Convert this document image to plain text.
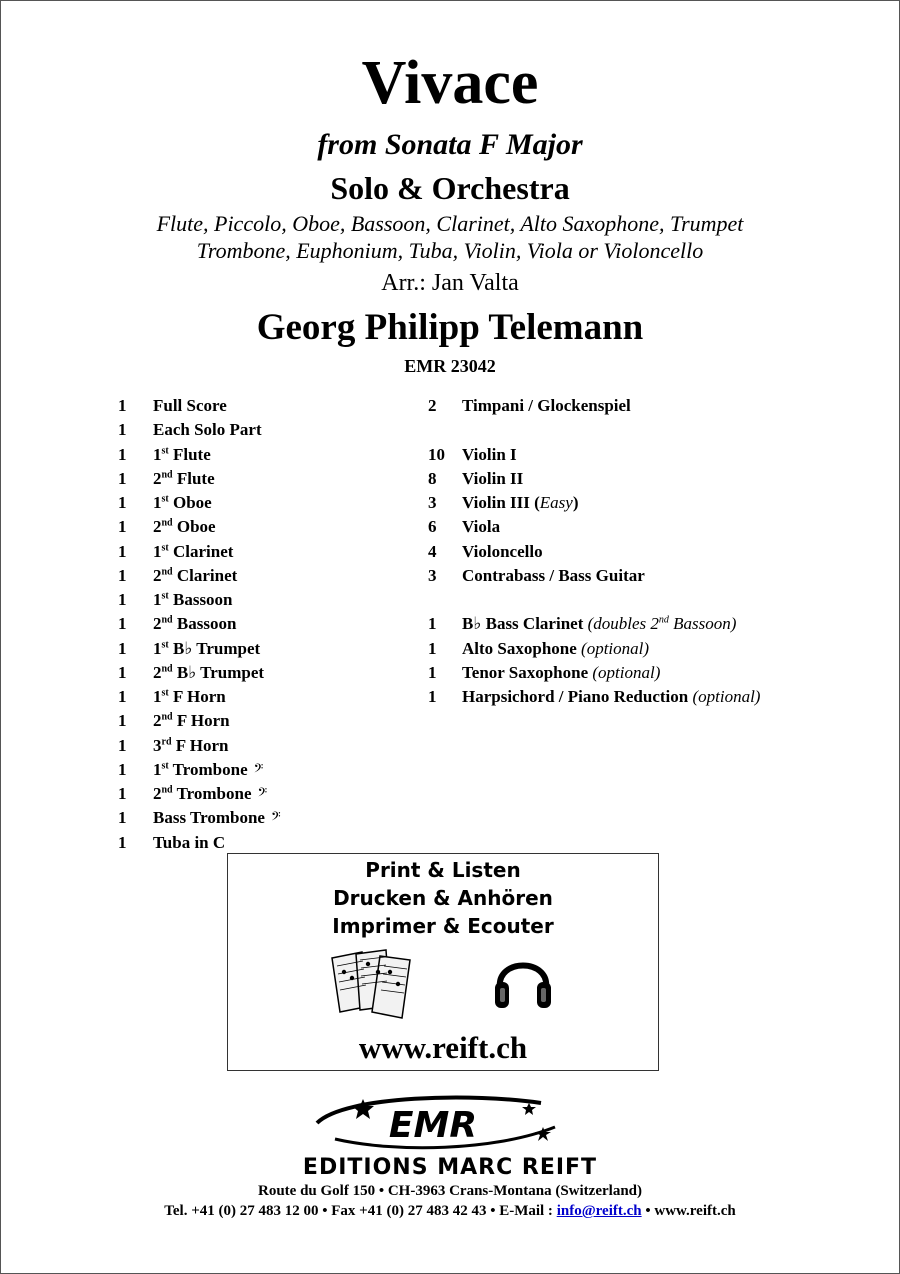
Vivace
from Sonata F Major
Solo & Orchestra
Flute, Piccolo, Oboe, Bassoon, Clarinet, Alto Saxophone, Trumpet
Trombone, Euphonium, Tuba, Violin, Viola or Violoncello
Arr.: Jan Valta
Georg Philipp Telemann
EMR 23042
1 Full Score
1 Each Solo Part
1 1st Flute
1 2nd Flute
1 1st Oboe
1 2nd Oboe
1 1st Clarinet
1 2nd Clarinet
1 1st Bassoon
1 2nd Bassoon
1 1st B♭ Trumpet
1 2nd B♭ Trumpet
1 1st F Horn
1 2nd F Horn
1 3rd F Horn
1 1st Trombone 𝄢
1 2nd Trombone 𝄢
1 Bass Trombone 𝄢
1 Tuba in C
2 Timpani / Glockenspiel
10 Violin I
8 Violin II
3 Violin III (Easy)
6 Viola
4 Violoncello
3 Contrabass / Bass Guitar
1 B♭ Bass Clarinet (doubles 2nd Bassoon)
1 Alto Saxophone (optional)
1 Tenor Saxophone (optional)
1 Harpsichord / Piano Reduction (optional)
Print & Listen
Drucken & Anhören
Imprimer & Ecouter
www.reift.ch
EMR
EDITIONS MARC REIFT
Route du Golf 150 • CH-3963 Crans-Montana (Switzerland)
Tel. +41 (0) 27 483 12 00 • Fax +41 (0) 27 483 42 43 • E-Mail : info@reift.ch • www.reift.ch
